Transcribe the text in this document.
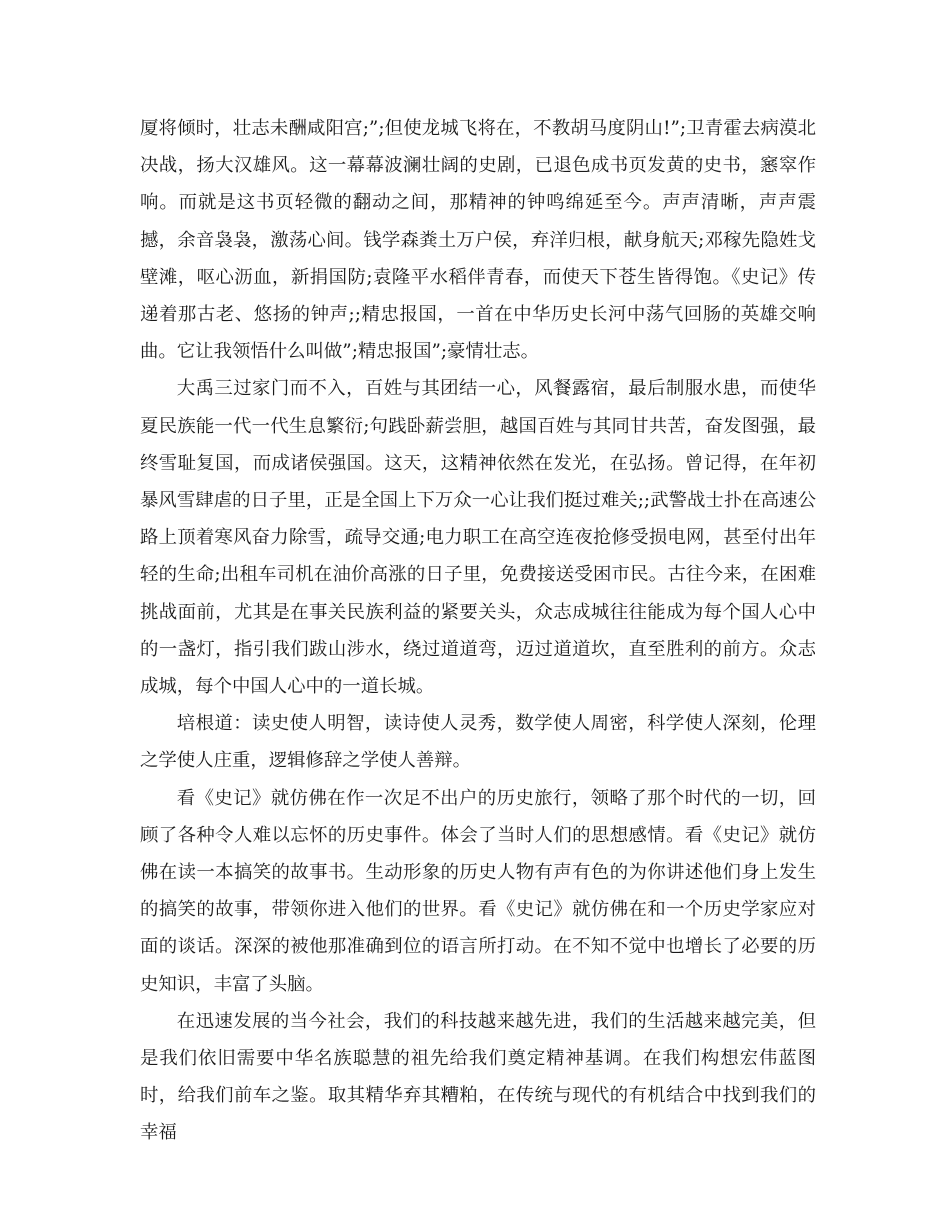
厦将倾时，壮志未酬咸阳宫;”;但使龙城飞将在，不教胡马度阴山!”;卫青霍去病漠北决战，扬大汉雄风。这一幕幕波澜壮阔的史剧，已退色成书页发黄的史书，窸窣作响。而就是这书页轻微的翻动之间，那精神的钟鸣绵延至今。声声清晰，声声震撼，余音袅袅，激荡心间。钱学森粪土万户侯，弃洋归根，献身航天;邓稼先隐姓戈壁滩，呕心沥血，新捐国防;袁隆平水稻伴青春，而使天下苍生皆得饱。《史记》传递着那古老、悠扬的钟声;;精忠报国，一首在中华历史长河中荡气回肠的英雄交响曲。它让我领悟什么叫做”;精忠报国”;豪情壮志。

大禹三过家门而不入，百姓与其团结一心，风餐露宿，最后制服水患，而使华夏民族能一代一代生息繁衍;句践卧薪尝胆，越国百姓与其同甘共苦，奋发图强，最终雪耻复国，而成诸侯强国。这天，这精神依然在发光，在弘扬。曾记得，在年初暴风雪肆虐的日子里，正是全国上下万众一心让我们挺过难关;;武警战士扑在高速公路上顶着寒风奋力除雪，疏导交通;电力职工在高空连夜抢修受损电网，甚至付出年轻的生命;出租车司机在油价高涨的日子里，免费接送受困市民。古往今来，在困难挑战面前，尤其是在事关民族利益的紧要关头，众志成城往往能成为每个国人心中的一盏灯，指引我们跋山涉水，绕过道道弯，迈过道道坎，直至胜利的前方。众志成城，每个中国人心中的一道长城。

培根道：读史使人明智，读诗使人灵秀，数学使人周密，科学使人深刻，伦理之学使人庄重，逻辑修辞之学使人善辩。

看《史记》就仿佛在作一次足不出户的历史旅行，领略了那个时代的一切，回顾了各种令人难以忘怀的历史事件。体会了当时人们的思想感情。看《史记》就仿佛在读一本搞笑的故事书。生动形象的历史人物有声有色的为你讲述他们身上发生的搞笑的故事，带领你进入他们的世界。看《史记》就仿佛在和一个历史学家应对面的谈话。深深的被他那准确到位的语言所打动。在不知不觉中也增长了必要的历史知识，丰富了头脑。

在迅速发展的当今社会，我们的科技越来越先进，我们的生活越来越完美，但是我们依旧需要中华名族聪慧的祖先给我们奠定精神基调。在我们构想宏伟蓝图时，给我们前车之鉴。取其精华弃其糟粕，在传统与现代的有机结合中找到我们的幸福
